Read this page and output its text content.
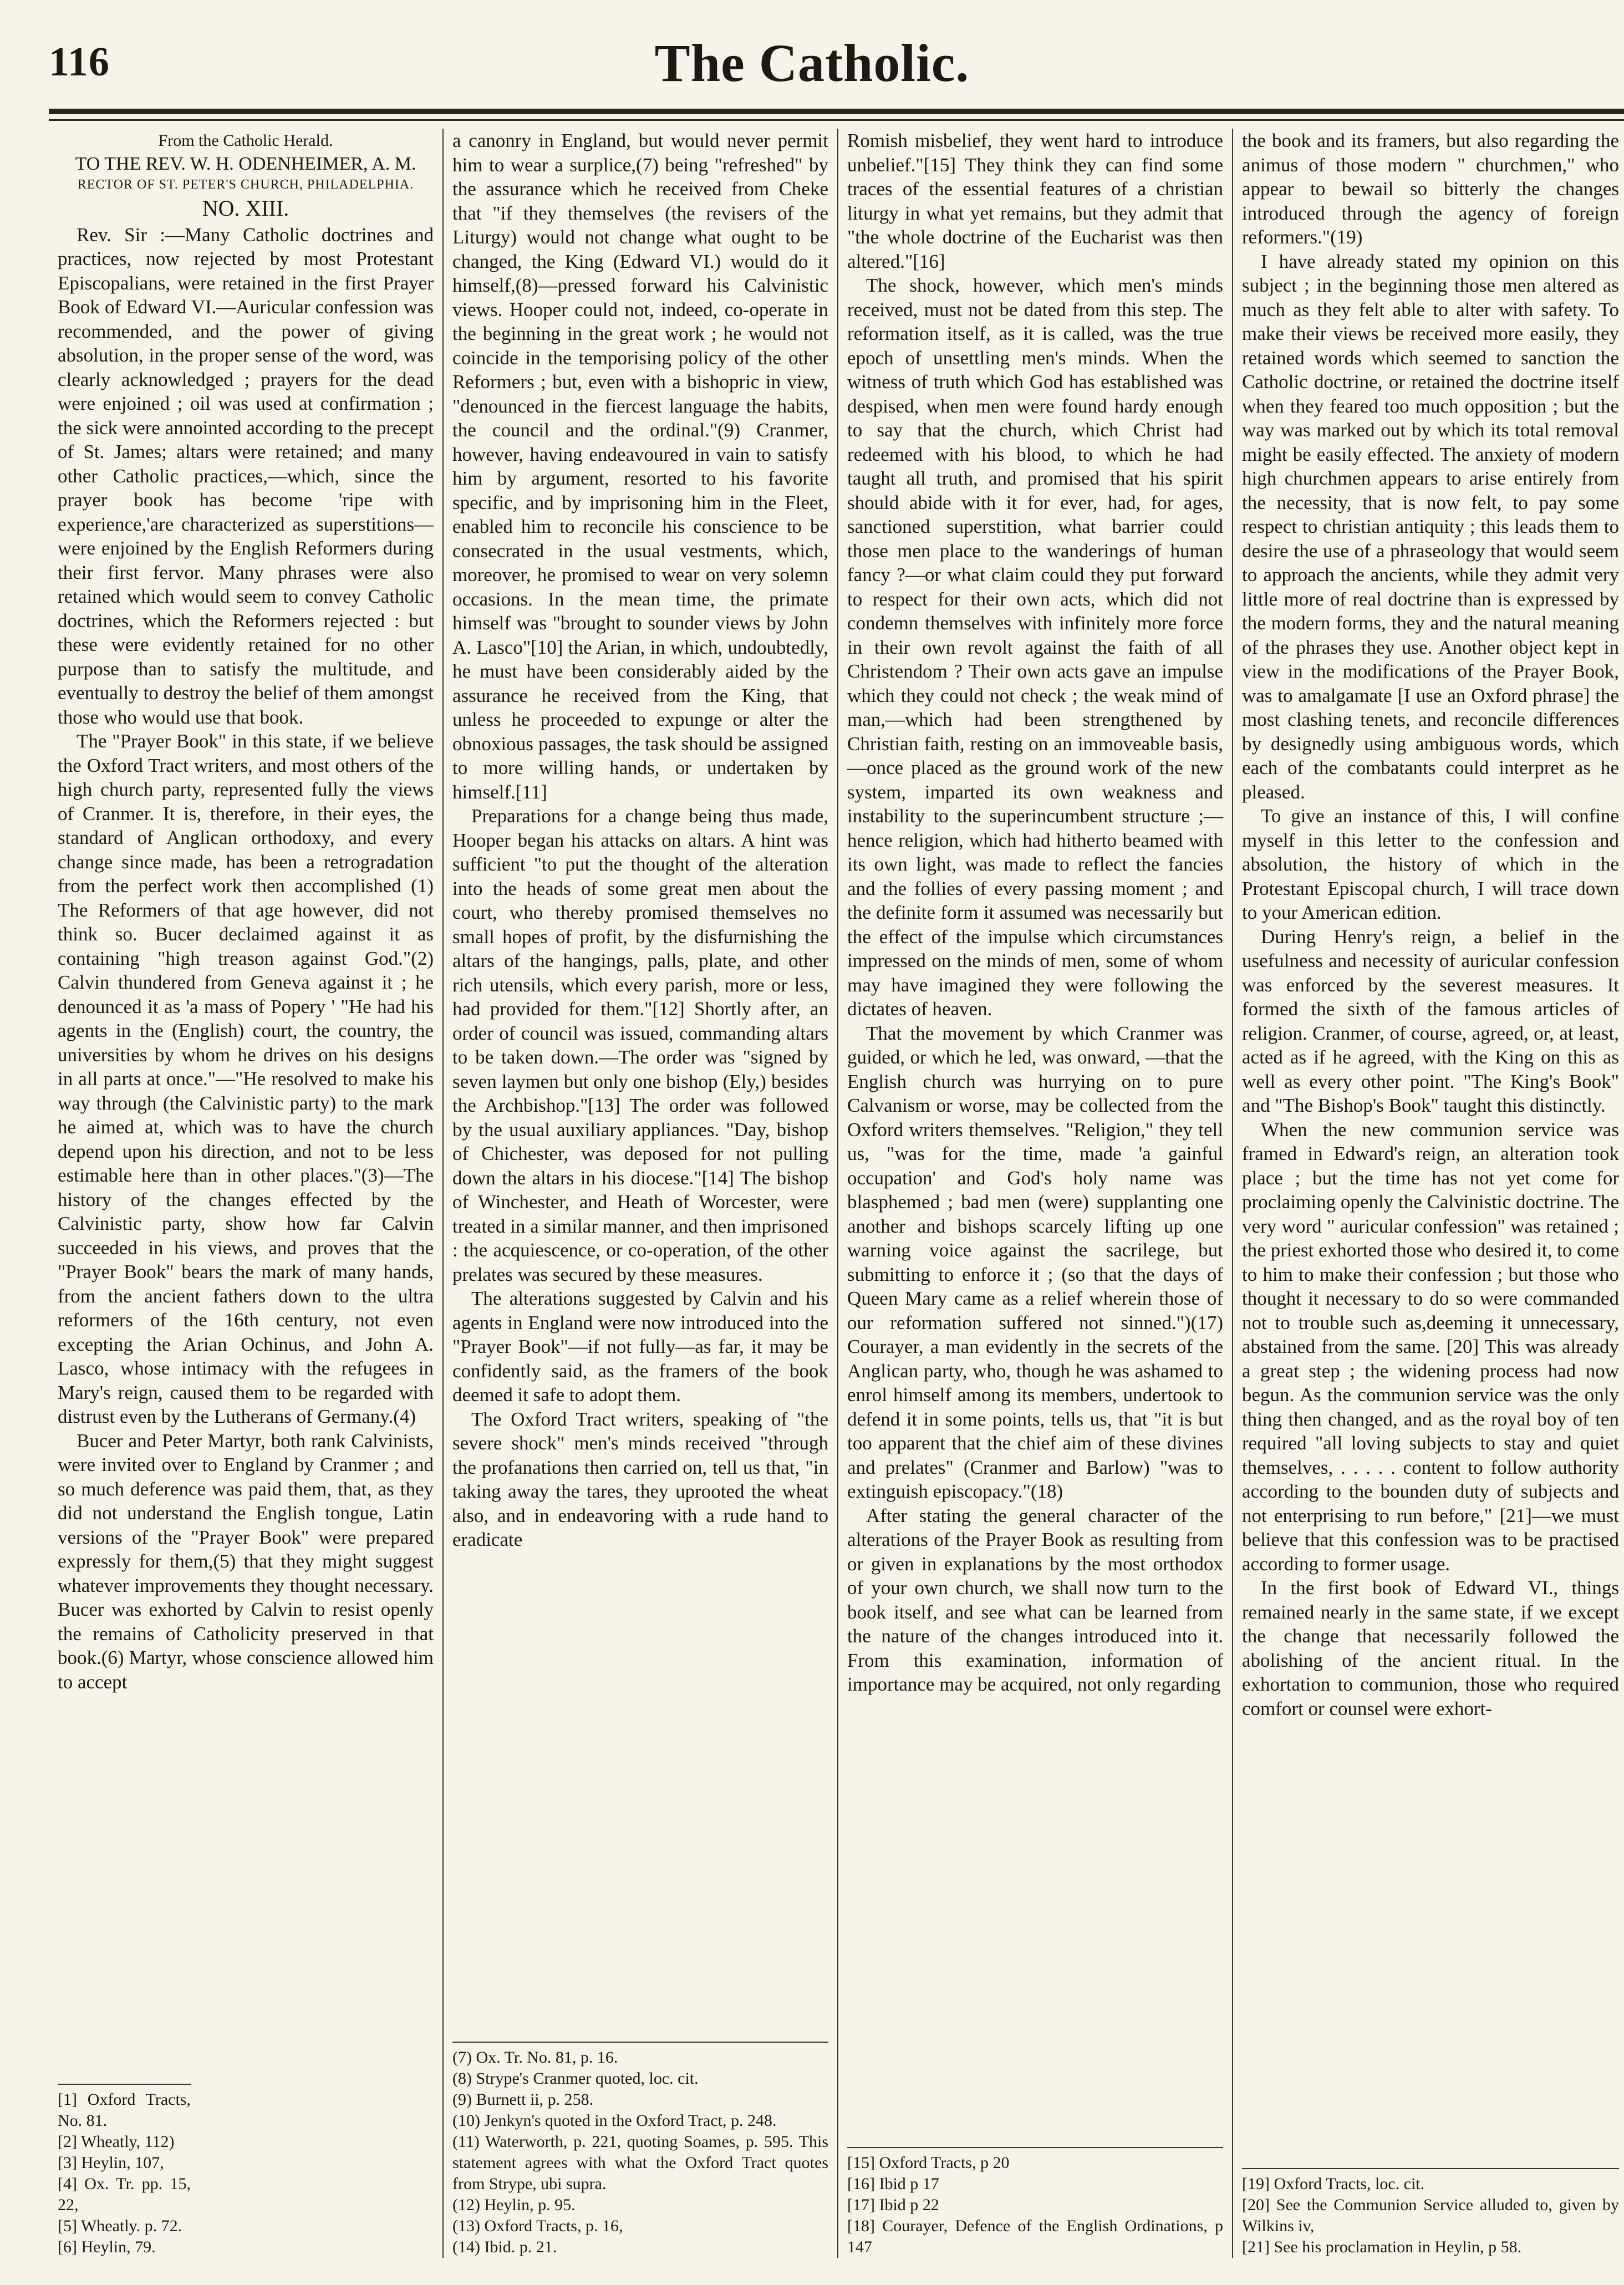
116	The Catholic.

From the Catholic Herald.

TO THE REV. W. H. ODENHEIMER, A. M.

RECTOR OF ST. PETER'S CHURCH, PHILADELPHIA.

NO. XIII.

Rev. Sir :—Many Catholic doctrines and practices, now rejected by most Protestant Episcopalians, were retained in the first Prayer Book of Edward VI.—Auricular confession was recommended, and the power of giving absolution, in the proper sense of the word, was clearly acknowledged ; prayers for the dead were enjoined ; oil was used at confirmation ; the sick were annointed according to the precept of St. James; altars were retained; and many other Catholic practices,—which, since the prayer book has become 'ripe with experience,'are characterized as superstitions—were enjoined by the English Reformers during their first fervor. Many phrases were also retained which would seem to convey Catholic doctrines, which the Reformers rejected : but these were evidently retained for no other purpose than to satisfy the multitude, and eventually to destroy the belief of them amongst those who would use that book.

The "Prayer Book" in this state, if we believe the Oxford Tract writers, and most others of the high church party, represented fully the views of Cranmer. It is, therefore, in their eyes, the standard of Anglican orthodoxy, and every change since made, has been a retrogradation from the perfect work then accomplished (1) The Reformers of that age however, did not think so. Bucer declaimed against it as containing "high treason against God."(2) Calvin thundered from Geneva against it ; he denounced it as 'a mass of Popery ' "He had his agents in the (English) court, the country, the universities by whom he drives on his designs in all parts at once."—"He resolved to make his way through (the Calvinistic party) to the mark he aimed at, which was to have the church depend upon his direction, and not to be less estimable here than in other places."(3)—The history of the changes effected by the Calvinistic party, show how far Calvin succeeded in his views, and proves that the "Prayer Book" bears the mark of many hands, from the ancient fathers down to the ultra reformers of the 16th century, not even excepting the Arian Ochinus, and John A. Lasco, whose intimacy with the refugees in Mary's reign, caused them to be regarded with distrust even by the Lutherans of Germany.(4)

Bucer and Peter Martyr, both rank Calvinists, were invited over to England by Cranmer ; and so much deference was paid them, that, as they did not understand the English tongue, Latin versions of the "Prayer Book" were prepared expressly for them,(5) that they might suggest whatever improvements they thought necessary. Bucer was exhorted by Calvin to resist openly the remains of Catholicity preserved in that book.(6) Martyr, whose conscience allowed him to accept

[1] Oxford Tracts, No. 81.
[2] Wheatly, 112)
[3] Heylin, 107,
[4] Ox. Tr. pp. 15, 22,
[5] Wheatly. p. 72.
[6] Heylin, 79.

a canonry in England, but would never permit him to wear a surplice,(7) being "refreshed" by the assurance which he received from Cheke that "if they themselves (the revisers of the Liturgy) would not change what ought to be changed, the King (Edward VI.) would do it himself,(8)—pressed forward his Calvinistic views. Hooper could not, indeed, co-operate in the beginning in the great work ; he would not coincide in the temporising policy of the other Reformers ; but, even with a bishopric in view, "denounced in the fiercest language the habits, the council and the ordinal."(9) Cranmer, however, having endeavoured in vain to satisfy him by argument, resorted to his favorite specific, and by imprisoning him in the Fleet, enabled him to reconcile his conscience to be consecrated in the usual vestments, which, moreover, he promised to wear on very solemn occasions. In the mean time, the primate himself was "brought to sounder views by John A. Lasco"[10] the Arian, in which, undoubtedly, he must have been considerably aided by the assurance he received from the King, that unless he proceeded to expunge or alter the obnoxious passages, the task should be assigned to more willing hands, or undertaken by himself.[11]

Preparations for a change being thus made, Hooper began his attacks on altars. A hint was sufficient "to put the thought of the alteration into the heads of some great men about the court, who thereby promised themselves no small hopes of profit, by the disfurnishing the altars of the hangings, palls, plate, and other rich utensils, which every parish, more or less, had provided for them."[12] Shortly after, an order of council was issued, commanding altars to be taken down.—The order was "signed by seven laymen but only one bishop (Ely,) besides the Archbishop."[13] The order was followed by the usual auxiliary appliances. "Day, bishop of Chichester, was deposed for not pulling down the altars in his diocese."[14] The bishop of Winchester, and Heath of Worcester, were treated in a similar manner, and then imprisoned : the acquiescence, or co-operation, of the other prelates was secured by these measures.

The alterations suggested by Calvin and his agents in England were now introduced into the "Prayer Book"—if not fully—as far, it may be confidently said, as the framers of the book deemed it safe to adopt them.

The Oxford Tract writers, speaking of "the severe shock" men's minds received "through the profanations then carried on, tell us that, "in taking away the tares, they uprooted the wheat also, and in endeavoring with a rude hand to eradicate

(7) Ox. Tr. No. 81, p. 16.
(8) Strype's Cranmer quoted, loc. cit.
(9) Burnett ii, p. 258.
(10) Jenkyn's quoted in the Oxford Tract, p. 248.
(11) Waterworth, p. 221, quoting Soames, p. 595. This statement agrees with what the Oxford Tract quotes from Strype, ubi supra.
(12) Heylin, p. 95.
(13) Oxford Tracts, p. 16,
(14) Ibid. p. 21.

Romish misbelief, they went hard to introduce unbelief."[15] They think they can find some traces of the essential features of a christian liturgy in what yet remains, but they admit that "the whole doctrine of the Eucharist was then altered."[16]

The shock, however, which men's minds received, must not be dated from this step. The reformation itself, as it is called, was the true epoch of unsettling men's minds. When the witness of truth which God has established was despised, when men were found hardy enough to say that the church, which Christ had redeemed with his blood, to which he had taught all truth, and promised that his spirit should abide with it for ever, had, for ages, sanctioned superstition, what barrier could those men place to the wanderings of human fancy ?—or what claim could they put forward to respect for their own acts, which did not condemn themselves with infinitely more force in their own revolt against the faith of all Christendom ? Their own acts gave an impulse which they could not check ; the weak mind of man,—which had been strengthened by Christian faith, resting on an immoveable basis,—once placed as the ground work of the new system, imparted its own weakness and instability to the superincumbent structure ;—hence religion, which had hitherto beamed with its own light, was made to reflect the fancies and the follies of every passing moment ; and the definite form it assumed was necessarily but the effect of the impulse which circumstances impressed on the minds of men, some of whom may have imagined they were following the dictates of heaven.

That the movement by which Cranmer was guided, or which he led, was onward, —that the English church was hurrying on to pure Calvanism or worse, may be collected from the Oxford writers themselves. "Religion," they tell us, "was for the time, made 'a gainful occupation' and God's holy name was blasphemed ; bad men (were) supplanting one another and bishops scarcely lifting up one warning voice against the sacrilege, but submitting to enforce it ; (so that the days of Queen Mary came as a relief wherein those of our reformation suffered not sinned.")(17) Courayer, a man evidently in the secrets of the Anglican party, who, though he was ashamed to enrol himself among its members, undertook to defend it in some points, tells us, that "it is but too apparent that the chief aim of these divines and prelates" (Cranmer and Barlow) "was to extinguish episcopacy."(18)

After stating the general character of the alterations of the Prayer Book as resulting from or given in explanations by the most orthodox of your own church, we shall now turn to the book itself, and see what can be learned from the nature of the changes introduced into it. From this examination, information of importance may be acquired, not only regarding

[15] Oxford Tracts, p 20
[16] Ibid p 17
[17] Ibid p 22
[18] Courayer, Defence of the English Ordinations, p 147

the book and its framers, but also regarding the animus of those modern " churchmen," who appear to bewail so bitterly the changes introduced through the agency of foreign reformers."(19)

I have already stated my opinion on this subject ; in the beginning those men altered as much as they felt able to alter with safety. To make their views be received more easily, they retained words which seemed to sanction the Catholic doctrine, or retained the doctrine itself when they feared too much opposition ; but the way was marked out by which its total removal might be easily effected. The anxiety of modern high churchmen appears to arise entirely from the necessity, that is now felt, to pay some respect to christian antiquity ; this leads them to desire the use of a phraseology that would seem to approach the ancients, while they admit very little more of real doctrine than is expressed by the modern forms, they and the natural meaning of the phrases they use. Another object kept in view in the modifications of the Prayer Book, was to amalgamate [I use an Oxford phrase] the most clashing tenets, and reconcile differences by designedly using ambiguous words, which each of the combatants could interpret as he pleased.

To give an instance of this, I will confine myself in this letter to the confession and absolution, the history of which in the Protestant Episcopal church, I will trace down to your American edition.

During Henry's reign, a belief in the usefulness and necessity of auricular confession was enforced by the severest measures. It formed the sixth of the famous articles of religion. Cranmer, of course, agreed, or, at least, acted as if he agreed, with the King on this as well as every other point. "The King's Book" and "The Bishop's Book" taught this distinctly.

When the new communion service was framed in Edward's reign, an alteration took place ; but the time has not yet come for proclaiming openly the Calvinistic doctrine. The very word " auricular confession" was retained ; the priest exhorted those who desired it, to come to him to make their confession ; but those who thought it necessary to do so were commanded not to trouble such as,deeming it unnecessary, abstained from the same. [20] This was already a great step ; the widening process had now begun. As the communion service was the only thing then changed, and as the royal boy of ten required "all loving subjects to stay and quiet themselves, . . . . . content to follow authority according to the bounden duty of subjects and not enterprising to run before," [21]—we must believe that this confession was to be practised according to former usage.

In the first book of Edward VI., things remained nearly in the same state, if we except the change that necessarily followed the abolishing of the ancient ritual. In the exhortation to communion, those who required comfort or counsel were exhort-

[19] Oxford Tracts, loc. cit.
[20] See the Communion Service alluded to, given by Wilkins iv,
[21] See his proclamation in Heylin, p 58.
